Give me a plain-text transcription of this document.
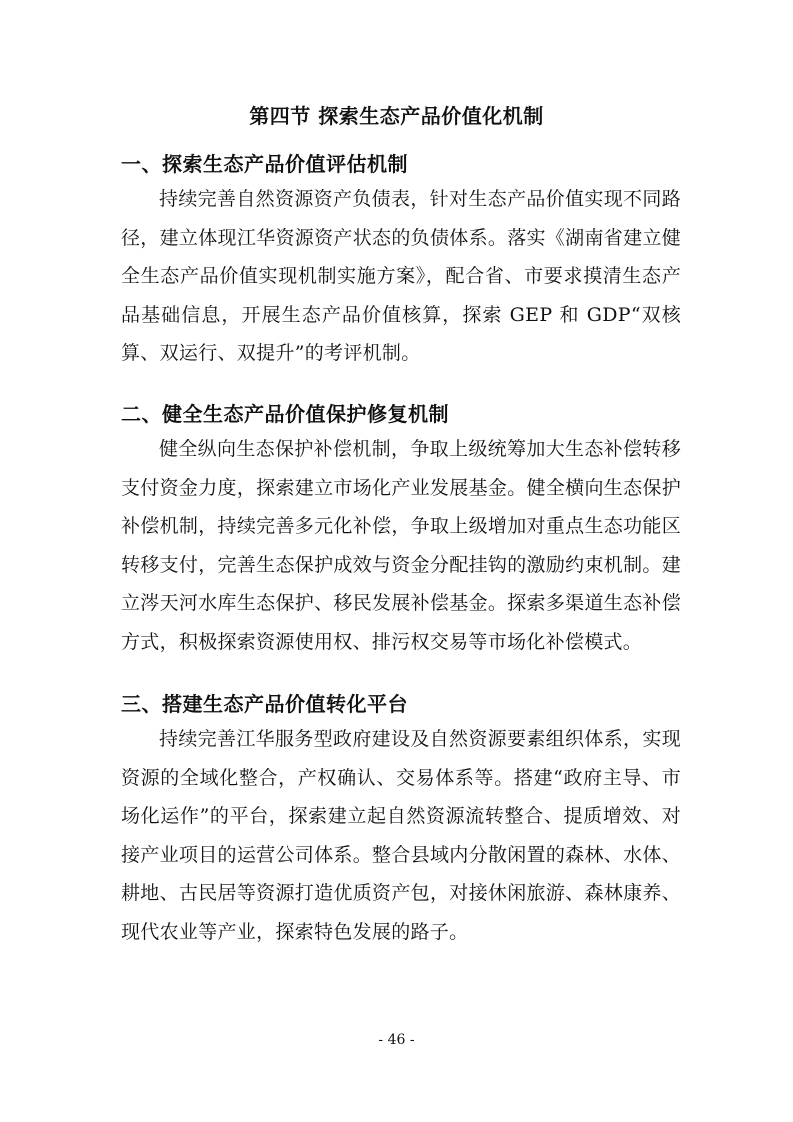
第四节 探索生态产品价值化机制
一、探索生态产品价值评估机制
持续完善自然资源资产负债表，针对生态产品价值实现不同路径，建立体现江华资源资产状态的负债体系。落实《湖南省建立健全生态产品价值实现机制实施方案》，配合省、市要求摸清生态产品基础信息，开展生态产品价值核算，探索 GEP 和 GDP“双核算、双运行、双提升”的考评机制。
二、健全生态产品价值保护修复机制
健全纵向生态保护补偿机制，争取上级统筹加大生态补偿转移支付资金力度，探索建立市场化产业发展基金。健全横向生态保护补偿机制，持续完善多元化补偿，争取上级增加对重点生态功能区转移支付，完善生态保护成效与资金分配挂钩的激励约束机制。建立涔天河水库生态保护、移民发展补偿基金。探索多渠道生态补偿方式，积极探索资源使用权、排污权交易等市场化补偿模式。
三、搭建生态产品价值转化平台
持续完善江华服务型政府建设及自然资源要素组织体系，实现资源的全域化整合，产权确认、交易体系等。搭建“政府主导、市场化运作”的平台，探索建立起自然资源流转整合、提质增效、对接产业项目的运营公司体系。整合县域内分散闲置的森林、水体、耕地、古民居等资源打造优质资产包，对接休闲旅游、森林康养、现代农业等产业，探索特色发展的路子。
- 46 -
